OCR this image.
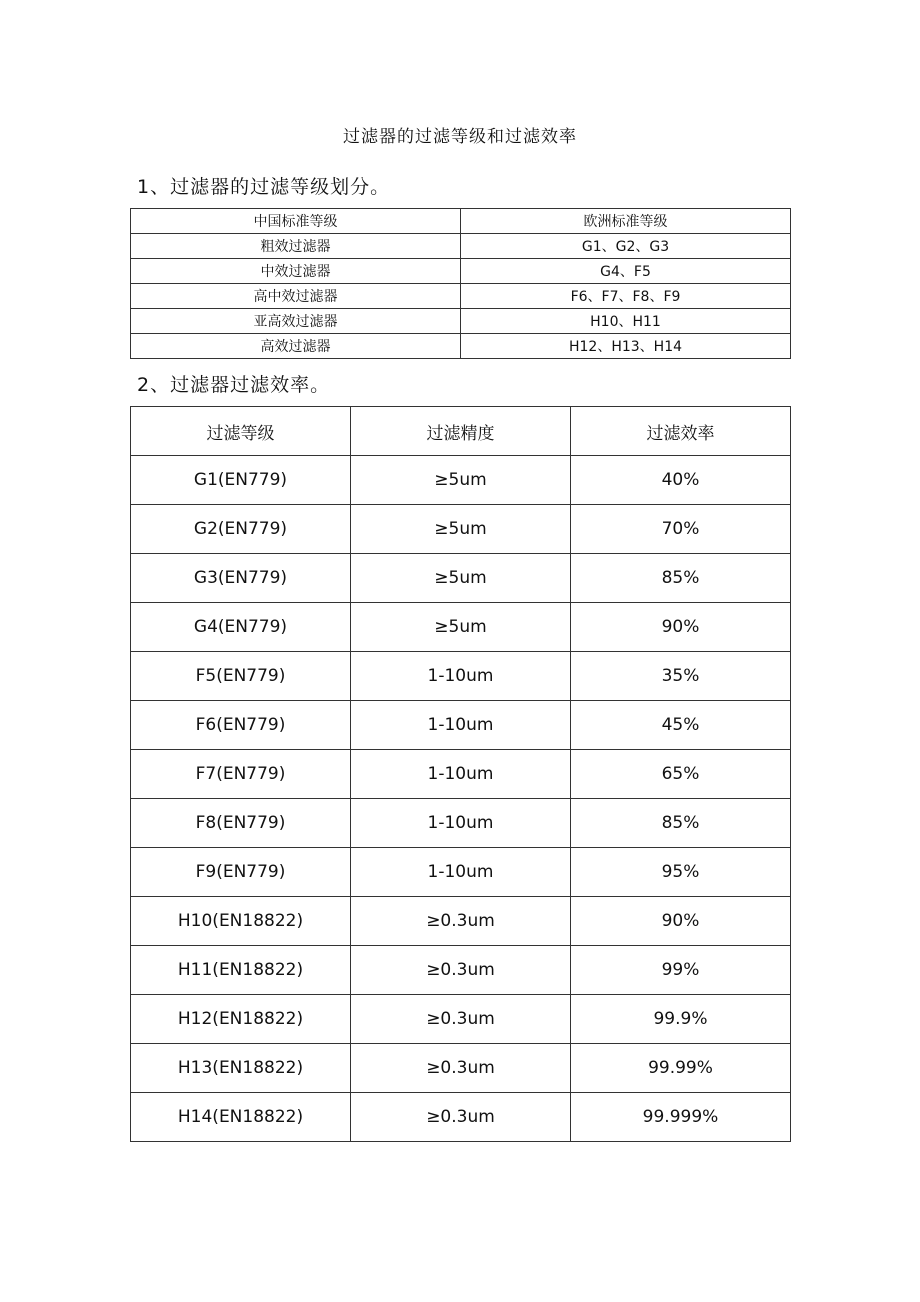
过滤器的过滤等级和过滤效率
1、过滤器的过滤等级划分。
中国标准等级	欧洲标准等级
粗效过滤器	G1、G2、G3
中效过滤器	G4、F5
高中效过滤器	F6、F7、F8、F9
亚高效过滤器	H10、H11
高效过滤器	H12、H13、H14
2、过滤器过滤效率。
过滤等级	过滤精度	过滤效率
G1(EN779)	≥5um	40%
G2(EN779)	≥5um	70%
G3(EN779)	≥5um	85%
G4(EN779)	≥5um	90%
F5(EN779)	1-10um	35%
F6(EN779)	1-10um	45%
F7(EN779)	1-10um	65%
F8(EN779)	1-10um	85%
F9(EN779)	1-10um	95%
H10(EN18822)	≥0.3um	90%
H11(EN18822)	≥0.3um	99%
H12(EN18822)	≥0.3um	99.9%
H13(EN18822)	≥0.3um	99.99%
H14(EN18822)	≥0.3um	99.999%
